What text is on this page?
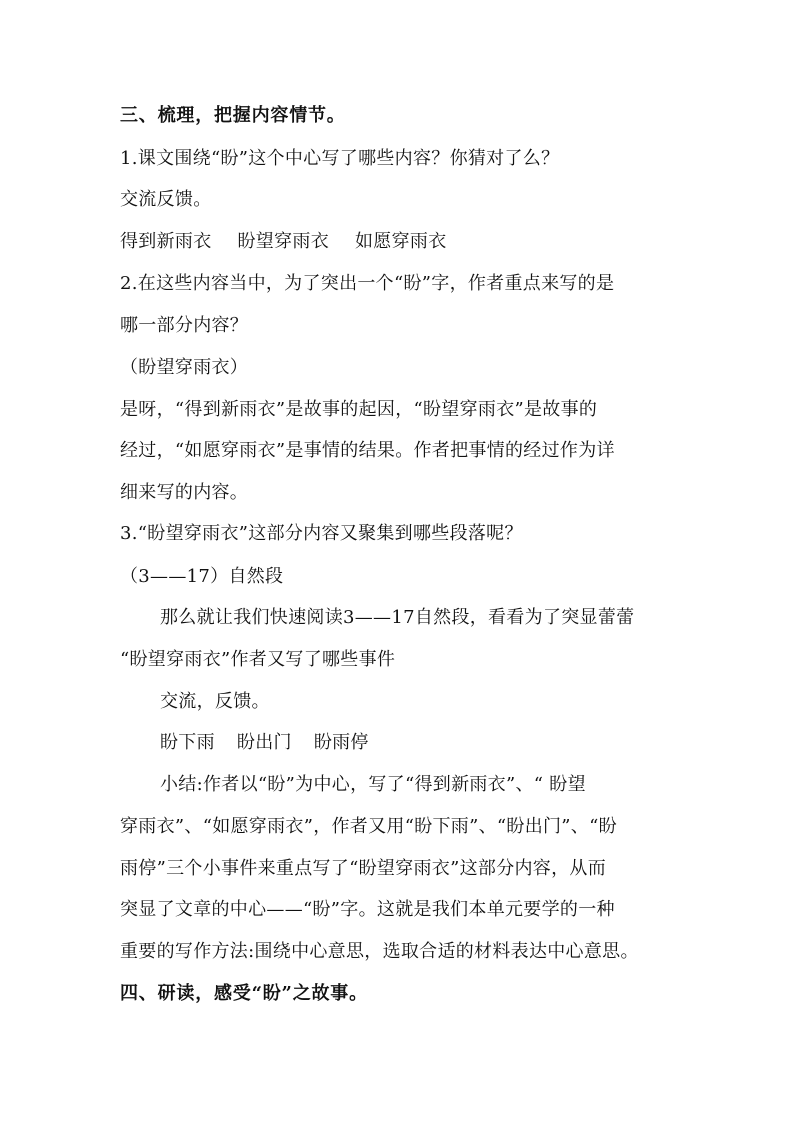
三、梳理，把握内容情节。
1.课文围绕“盼”这个中心写了哪些内容？你猜对了么？
交流反馈。
得到新雨衣 盼望穿雨衣 如愿穿雨衣
2.在这些内容当中，为了突出一个“盼”字，作者重点来写的是
哪一部分内容？
（盼望穿雨衣）
是呀，“得到新雨衣”是故事的起因，“盼望穿雨衣”是故事的
经过，“如愿穿雨衣”是事情的结果。作者把事情的经过作为详
细来写的内容。
3.“盼望穿雨衣”这部分内容又聚集到哪些段落呢？
（3——17）自然段
那么就让我们快速阅读3——17自然段，看看为了突显蕾蕾
“盼望穿雨衣”作者又写了哪些事件
交流，反馈。
盼下雨 盼出门 盼雨停
小结:作者以“盼”为中心，写了“得到新雨衣”、“ 盼望
穿雨衣”、“如愿穿雨衣”，作者又用“盼下雨”、“盼出门”、“盼
雨停”三个小事件来重点写了“盼望穿雨衣”这部分内容，从而
突显了文章的中心——“盼”字。这就是我们本单元要学的一种
重要的写作方法:围绕中心意思，选取合适的材料表达中心意思。
四、研读，感受“盼”之故事。
